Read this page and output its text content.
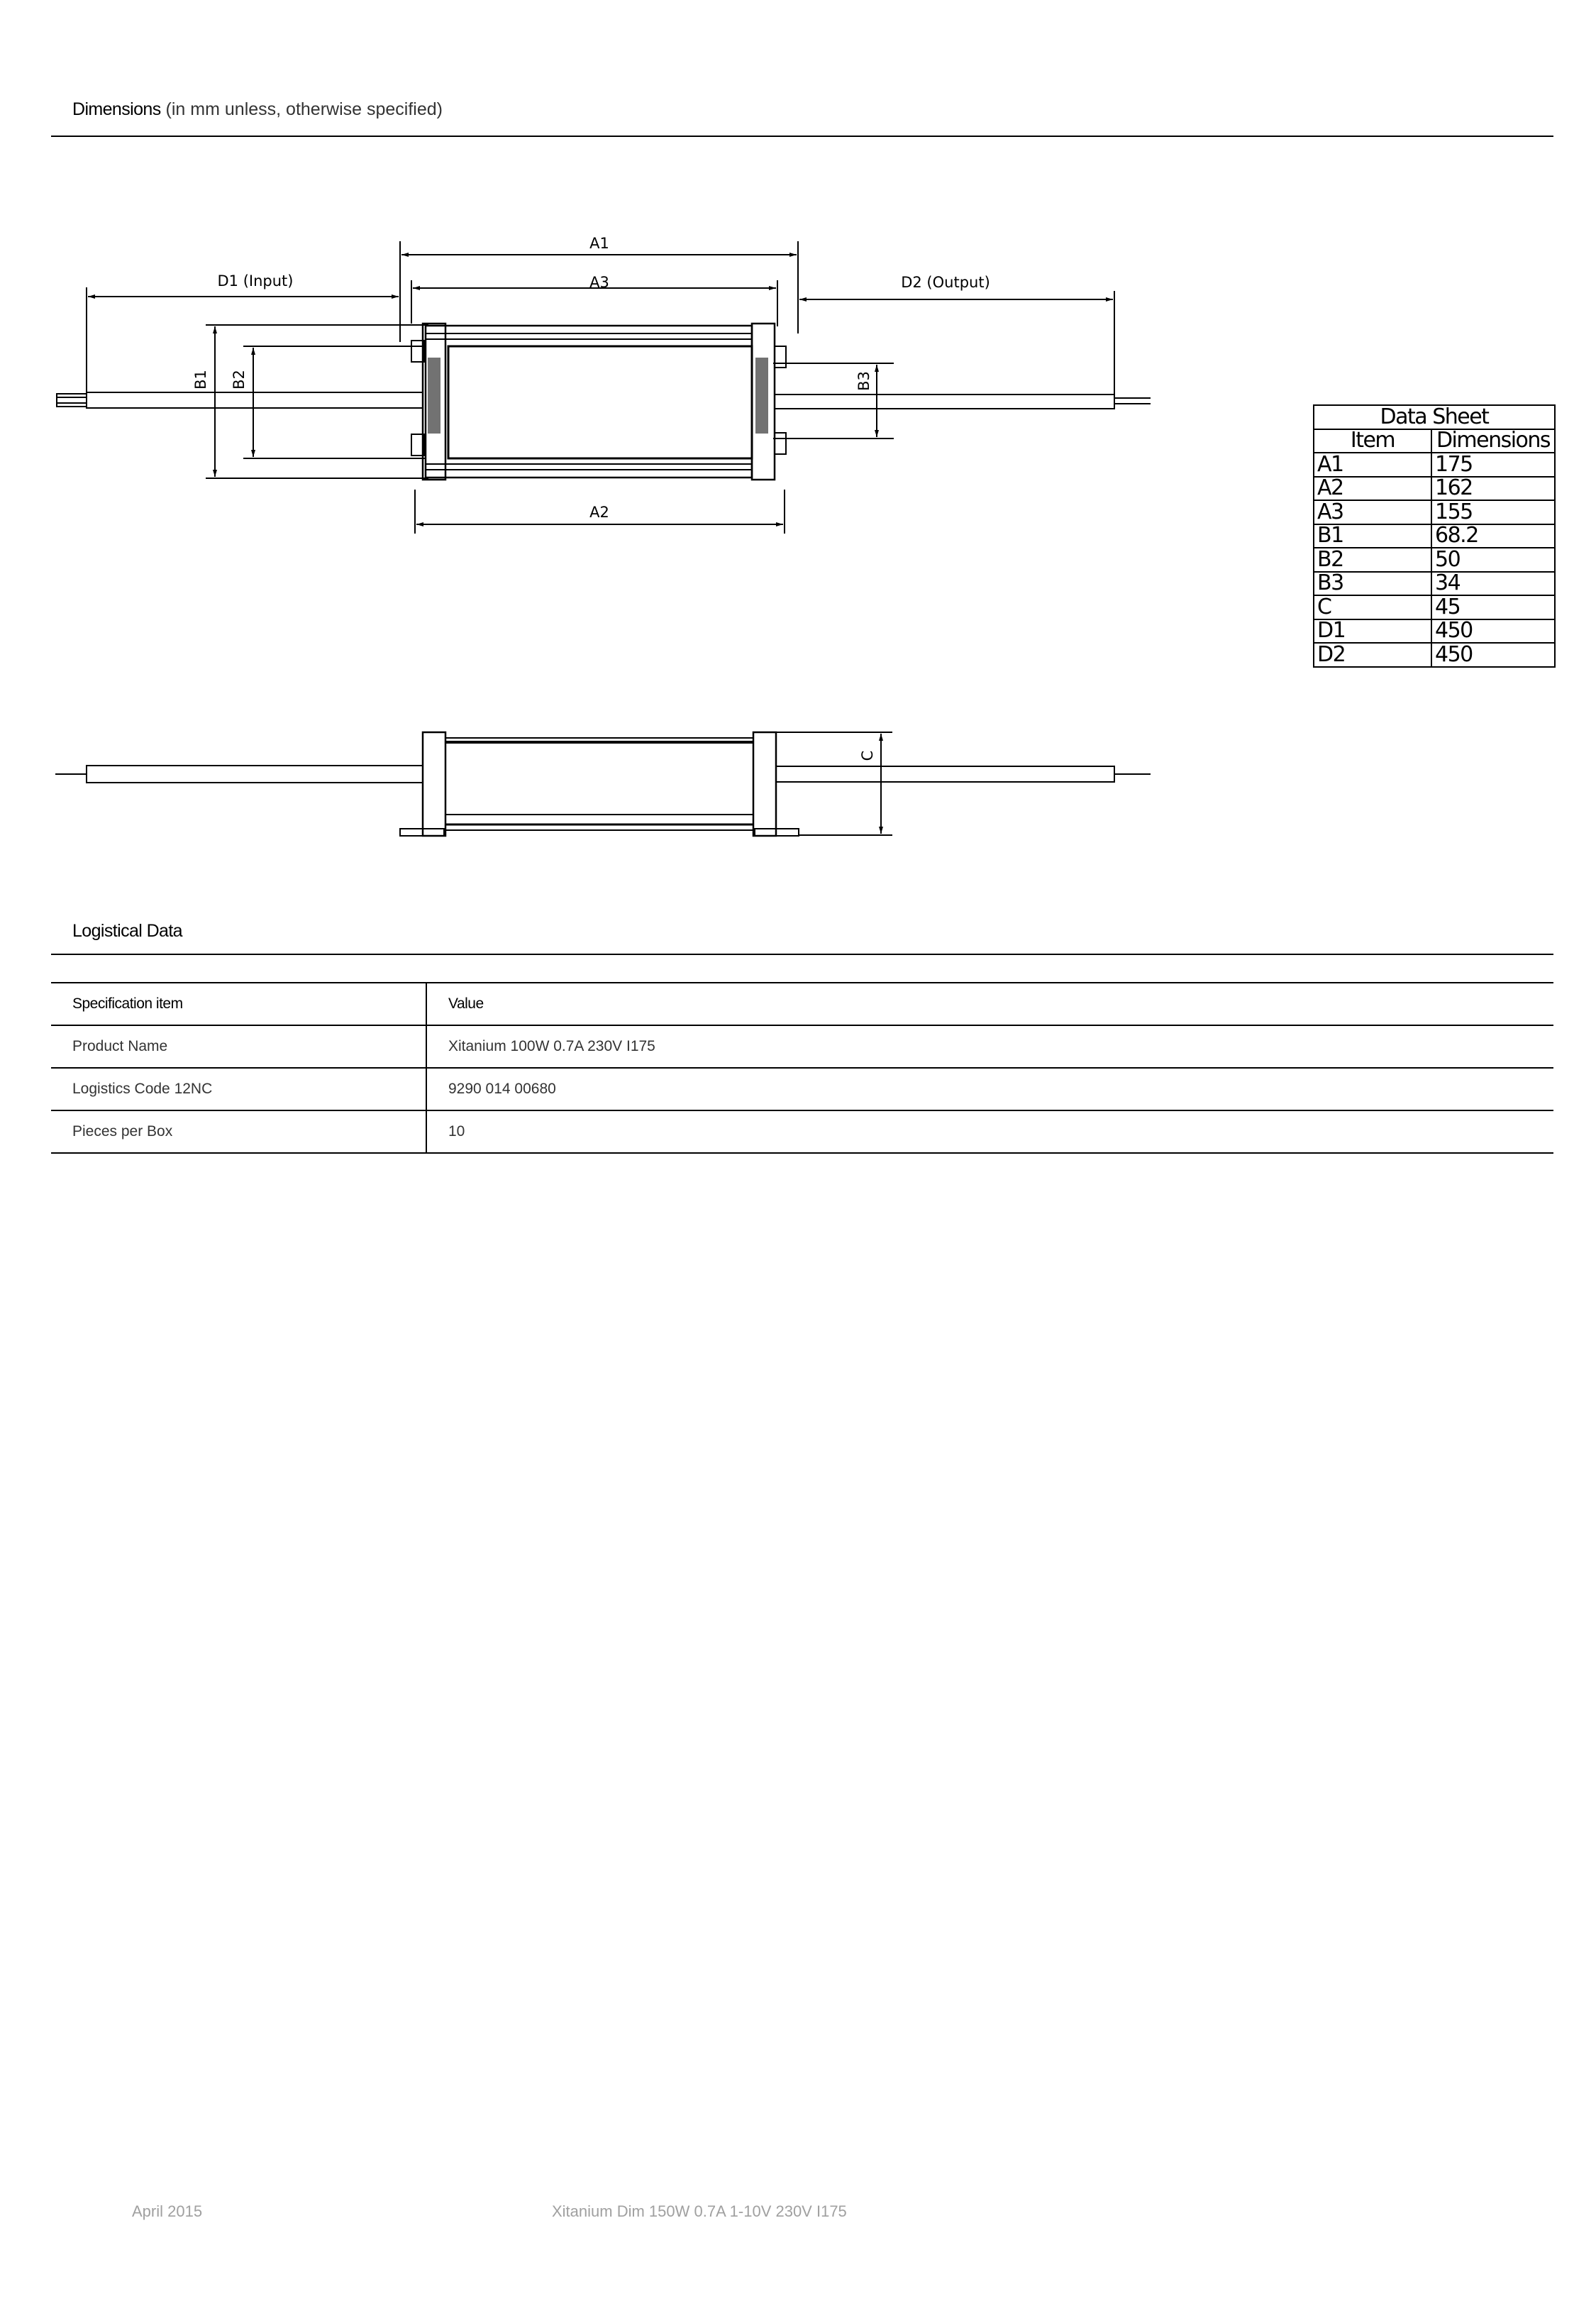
Dimensions (in mm unless, otherwise specified)
A1
A3
D1 (Input)	D2 (Output)
A2
B1 B2	B3
C
Data Sheet	
Item	Dimensions
A1	175
A2	162
A3	155
B1	68.2
B2	50
B3	34
C	45
D1	450
D2	450
Logistical Data
Specification item	Value
Product Name	Xitanium 100W 0.7A 230V I175
Logistics Code 12NC	9290 014 00680
Pieces per Box	10
April 2015	Xitanium Dim 150W 0.7A 1-10V 230V I175
